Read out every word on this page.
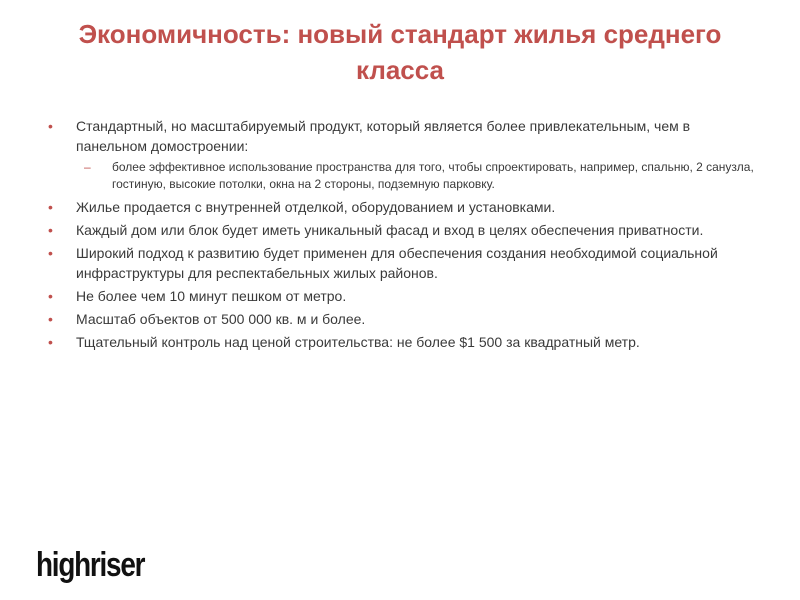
Экономичность: новый стандарт жилья среднего класса
• Стандартный, но масштабируемый продукт, который является более привлекательным, чем в панельном домостроении:
– более эффективное использование пространства для того, чтобы спроектировать, например, спальню, 2 санузла, гостиную, высокие потолки, окна на 2 стороны, подземную парковку.
• Жилье продается с внутренней отделкой, оборудованием и установками.
• Каждый дом или блок будет иметь уникальный фасад и вход в целях обеспечения приватности.
• Широкий подход к развитию будет применен для обеспечения создания необходимой социальной инфраструктуры для респектабельных жилых районов.
• Не более чем 10 минут пешком от метро.
• Масштаб объектов от 500 000 кв. м и более.
• Тщательный контроль над ценой строительства: не более $1 500 за квадратный метр.
highriser
